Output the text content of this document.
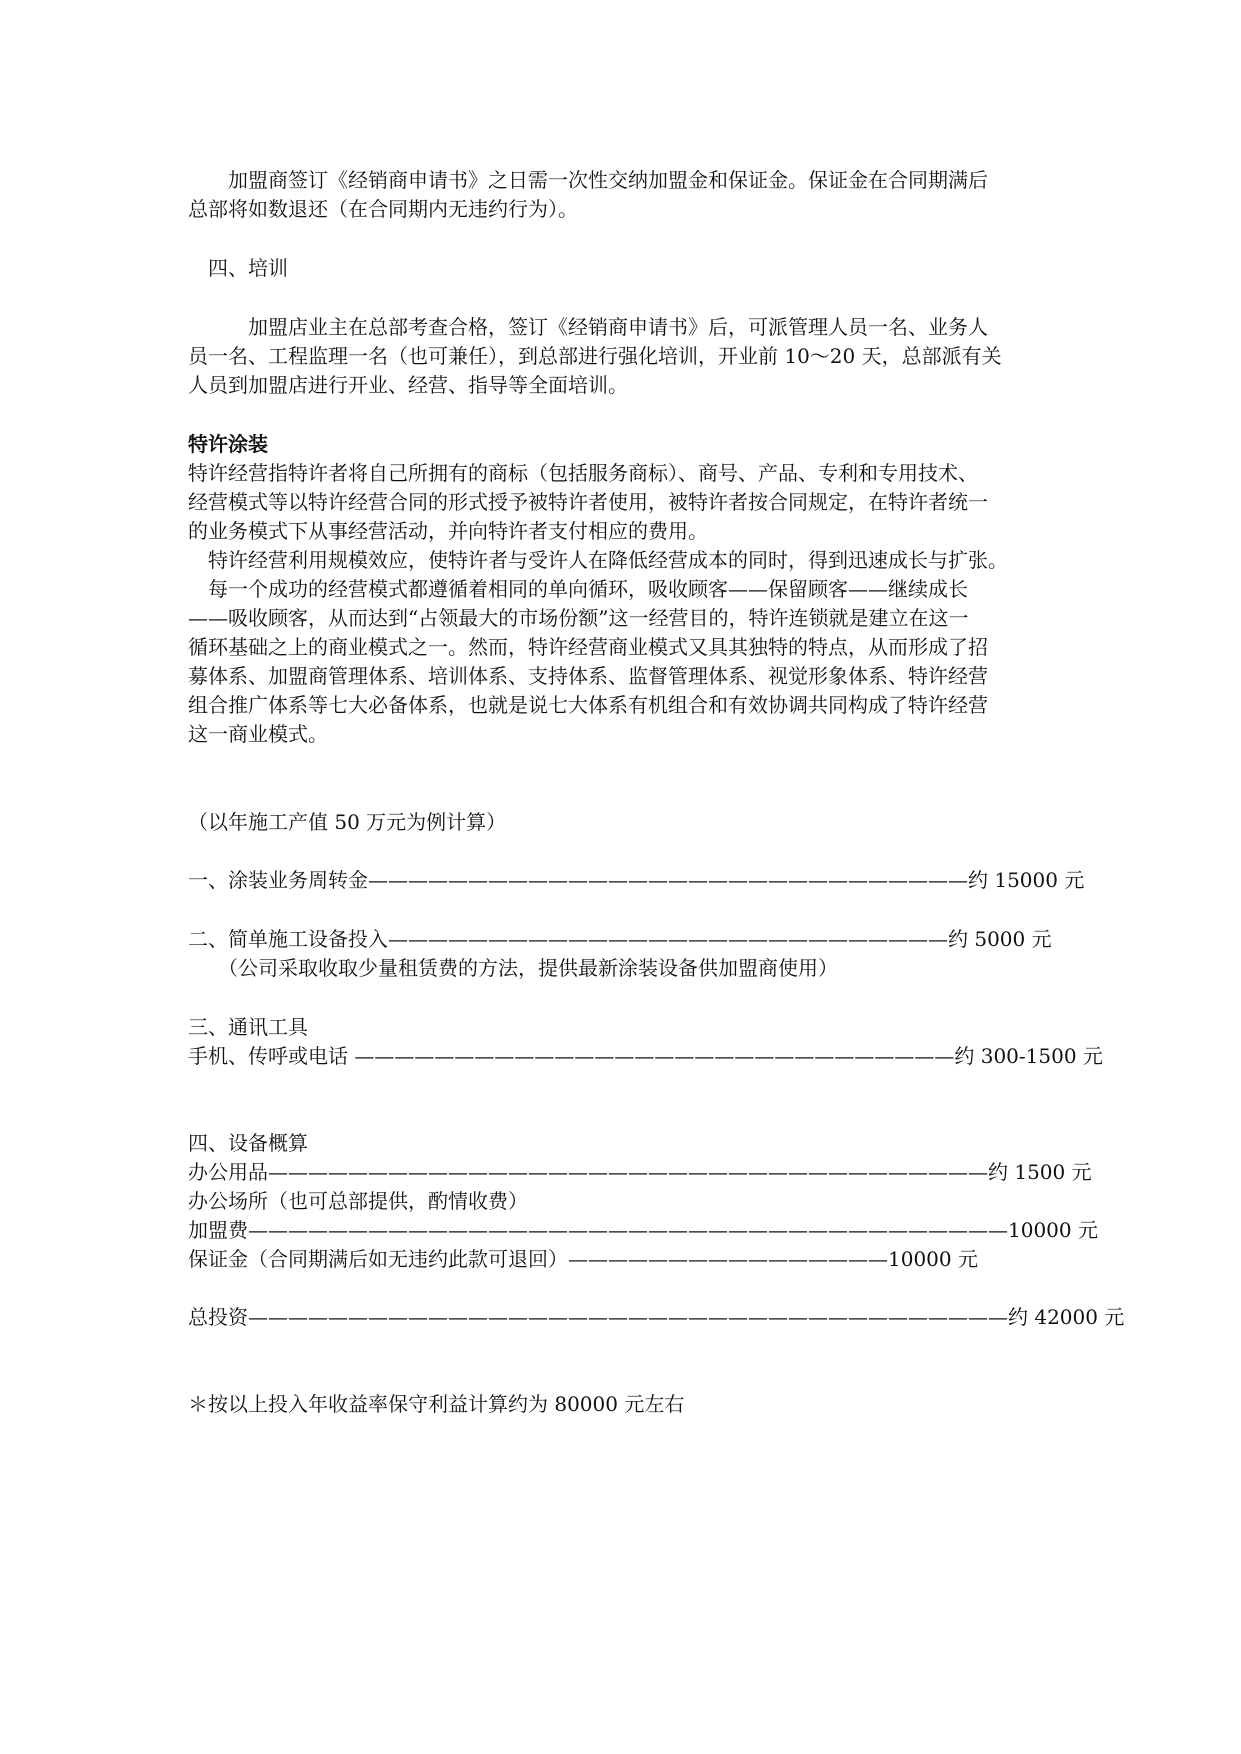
　　加盟商签订《经销商申请书》之日需一次性交纳加盟金和保证金。保证金在合同期满后
总部将如数退还（在合同期内无违约行为）。
　四、培训
　　　加盟店业主在总部考查合格，签订《经销商申请书》后，可派管理人员一名、业务人
员一名、工程监理一名（也可兼任），到总部进行强化培训，开业前 10～20 天，总部派有关
人员到加盟店进行开业、经营、指导等全面培训。
特许涂装
特许经营指特许者将自己所拥有的商标（包括服务商标）、商号、产品、专利和专用技术、
经营模式等以特许经营合同的形式授予被特许者使用，被特许者按合同规定，在特许者统一
的业务模式下从事经营活动，并向特许者支付相应的费用。
　特许经营利用规模效应，使特许者与受许人在降低经营成本的同时，得到迅速成长与扩张。
　每一个成功的经营模式都遵循着相同的单向循环，吸收顾客——保留顾客——继续成长
——吸收顾客，从而达到“占领最大的市场份额”这一经营目的，特许连锁就是建立在这一
循环基础之上的商业模式之一。然而，特许经营商业模式又具其独特的特点，从而形成了招
募体系、加盟商管理体系、培训体系、支持体系、监督管理体系、视觉形象体系、特许经营
组合推广体系等七大必备体系，也就是说七大体系有机组合和有效协调共同构成了特许经营
这一商业模式。
（以年施工产值 50 万元为例计算）
一、涂装业务周转金——————————————————————————————约 15000 元
二、简单施工设备投入————————————————————————————约 5000 元
　　（公司采取收取少量租赁费的方法，提供最新涂装设备供加盟商使用）
三、通讯工具
手机、传呼或电话 ——————————————————————————————约 300-1500 元
四、设备概算
办公用品————————————————————————————————————约 1500 元
办公场所（也可总部提供，酌情收费）
加盟费——————————————————————————————————————10000 元
保证金（合同期满后如无违约此款可退回）————————————————10000 元
总投资——————————————————————————————————————约 42000 元
＊按以上投入年收益率保守利益计算约为 80000 元左右
